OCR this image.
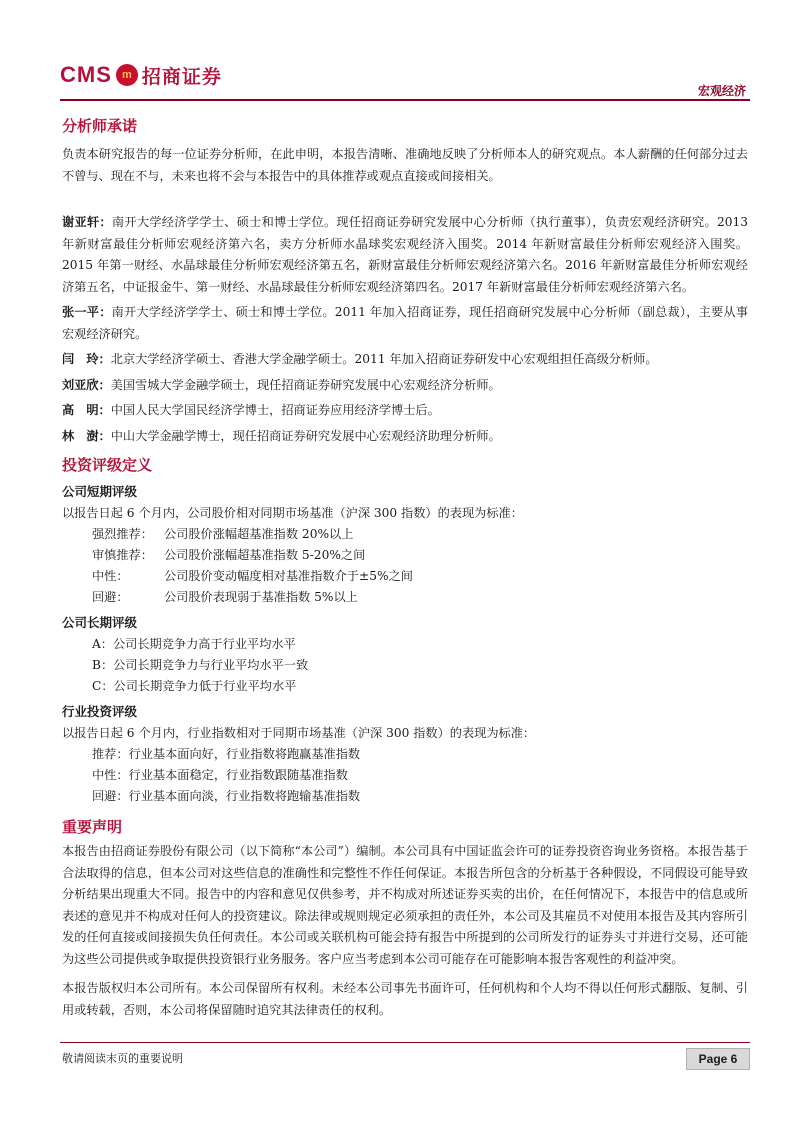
CMS m 招商证券
宏观经济
分析师承诺

负责本研究报告的每一位证券分析师，在此申明，本报告清晰、准确地反映了分析师本人的研究观点。本人薪酬的任何部分过去不曾与、现在不与，未来也将不会与本报告中的具体推荐或观点直接或间接相关。

谢亚轩：南开大学经济学学士、硕士和博士学位。现任招商证券研究发展中心分析师（执行董事），负责宏观经济研究。2013 年新财富最佳分析师宏观经济第六名，卖方分析师水晶球奖宏观经济入围奖。2014 年新财富最佳分析师宏观经济入围奖。2015 年第一财经、水晶球最佳分析师宏观经济第五名，新财富最佳分析师宏观经济第六名。2016 年新财富最佳分析师宏观经济第五名，中证报金牛、第一财经、水晶球最佳分析师宏观经济第四名。2017 年新财富最佳分析师宏观经济第六名。

张一平：南开大学经济学学士、硕士和博士学位。2011 年加入招商证券，现任招商研究发展中心分析师（副总裁），主要从事宏观经济研究。

闫　玲：北京大学经济学硕士、香港大学金融学硕士。2011 年加入招商证券研发中心宏观组担任高级分析师。

刘亚欣：美国雪城大学金融学硕士，现任招商证券研究发展中心宏观经济分析师。

高　明：中国人民大学国民经济学博士，招商证券应用经济学博士后。

林　澍：中山大学金融学博士，现任招商证券研究发展中心宏观经济助理分析师。

投资评级定义
公司短期评级
以报告日起 6 个月内，公司股价相对同期市场基准（沪深 300 指数）的表现为标准：
强烈推荐： 公司股价涨幅超基准指数 20%以上
审慎推荐： 公司股价涨幅超基准指数 5-20%之间
中性：	公司股价变动幅度相对基准指数介于±5%之间
回避：	公司股价表现弱于基准指数 5%以上
公司长期评级
A：公司长期竞争力高于行业平均水平
B：公司长期竞争力与行业平均水平一致
C：公司长期竞争力低于行业平均水平
行业投资评级
以报告日起 6 个月内，行业指数相对于同期市场基准（沪深 300 指数）的表现为标准：
推荐：行业基本面向好，行业指数将跑赢基准指数
中性：行业基本面稳定，行业指数跟随基准指数
回避：行业基本面向淡，行业指数将跑输基准指数
重要声明

本报告由招商证券股份有限公司（以下简称“本公司”）编制。本公司具有中国证监会许可的证券投资咨询业务资格。本报告基于合法取得的信息，但本公司对这些信息的准确性和完整性不作任何保证。本报告所包含的分析基于各种假设，不同假设可能导致分析结果出现重大不同。报告中的内容和意见仅供参考，并不构成对所述证券买卖的出价，在任何情况下，本报告中的信息或所表述的意见并不构成对任何人的投资建议。除法律或规则规定必须承担的责任外，本公司及其雇员不对使用本报告及其内容所引发的任何直接或间接损失负任何责任。本公司或关联机构可能会持有报告中所提到的公司所发行的证券头寸并进行交易，还可能为这些公司提供或争取提供投资银行业务服务。客户应当考虑到本公司可能存在可能影响本报告客观性的利益冲突。

本报告版权归本公司所有。本公司保留所有权利。未经本公司事先书面许可，任何机构和个人均不得以任何形式翻版、复制、引用或转载，否则，本公司将保留随时追究其法律责任的权利。

敬请阅读末页的重要说明	Page 6
